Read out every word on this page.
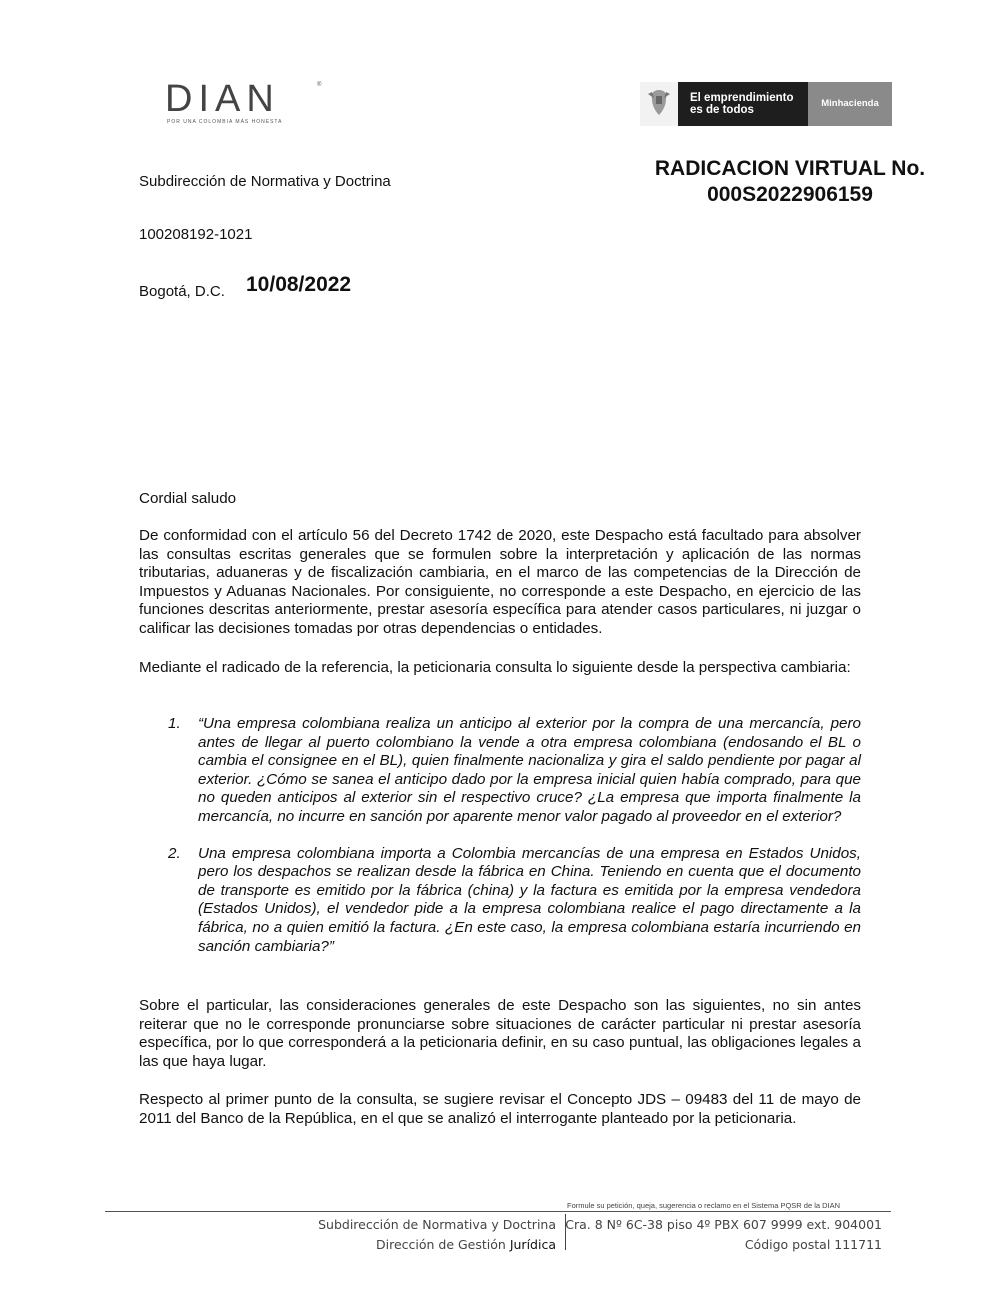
DIAN	®
POR UNA COLOMBIA MÁS HONESTA
El emprendimiento
es de todos
Minhacienda
RADICACION VIRTUAL No.
000S2022906159
Subdirección de Normativa y Doctrina
100208192-1021
Bogotá, D.C. 10/08/2022
Cordial saludo
De conformidad con el artículo 56 del Decreto 1742 de 2020, este Despacho está facultado para absolver las consultas escritas generales que se formulen sobre la interpretación y aplicación de las normas tributarias, aduaneras y de fiscalización cambiaria, en el marco de las competencias de la Dirección de Impuestos y Aduanas Nacionales. Por consiguiente, no corresponde a este Despacho, en ejercicio de las funciones descritas anteriormente, prestar asesoría específica para atender casos particulares, ni juzgar o calificar las decisiones tomadas por otras dependencias o entidades.
Mediante el radicado de la referencia, la peticionaria consulta lo siguiente desde la perspectiva cambiaria:
1. “Una empresa colombiana realiza un anticipo al exterior por la compra de una mercancía, pero antes de llegar al puerto colombiano la vende a otra empresa colombiana (endosando el BL o cambia el consignee en el BL), quien finalmente nacionaliza y gira el saldo pendiente por pagar al exterior. ¿Cómo se sanea el anticipo dado por la empresa inicial quien había comprado, para que no queden anticipos al exterior sin el respectivo cruce? ¿La empresa que importa finalmente la mercancía, no incurre en sanción por aparente menor valor pagado al proveedor en el exterior?
2. Una empresa colombiana importa a Colombia mercancías de una empresa en Estados Unidos, pero los despachos se realizan desde la fábrica en China. Teniendo en cuenta que el documento de transporte es emitido por la fábrica (china) y la factura es emitida por la empresa vendedora (Estados Unidos), el vendedor pide a la empresa colombiana realice el pago directamente a la fábrica, no a quien emitió la factura. ¿En este caso, la empresa colombiana estaría incurriendo en sanción cambiaria?”
Sobre el particular, las consideraciones generales de este Despacho son las siguientes, no sin antes reiterar que no le corresponde pronunciarse sobre situaciones de carácter particular ni prestar asesoría específica, por lo que corresponderá a la peticionaria definir, en su caso puntual, las obligaciones legales a las que haya lugar.
Respecto al primer punto de la consulta, se sugiere revisar el Concepto JDS – 09483 del 11 de mayo de 2011 del Banco de la República, en el que se analizó el interrogante planteado por la peticionaria.
Formule su petición, queja, sugerencia o reclamo en el Sistema PQSR de la DIAN
Subdirección de Normativa y Doctrina
Dirección de Gestión Jurídica
Cra. 8 Nº 6C-38 piso 4º PBX 607 9999 ext. 904001
Código postal 111711
